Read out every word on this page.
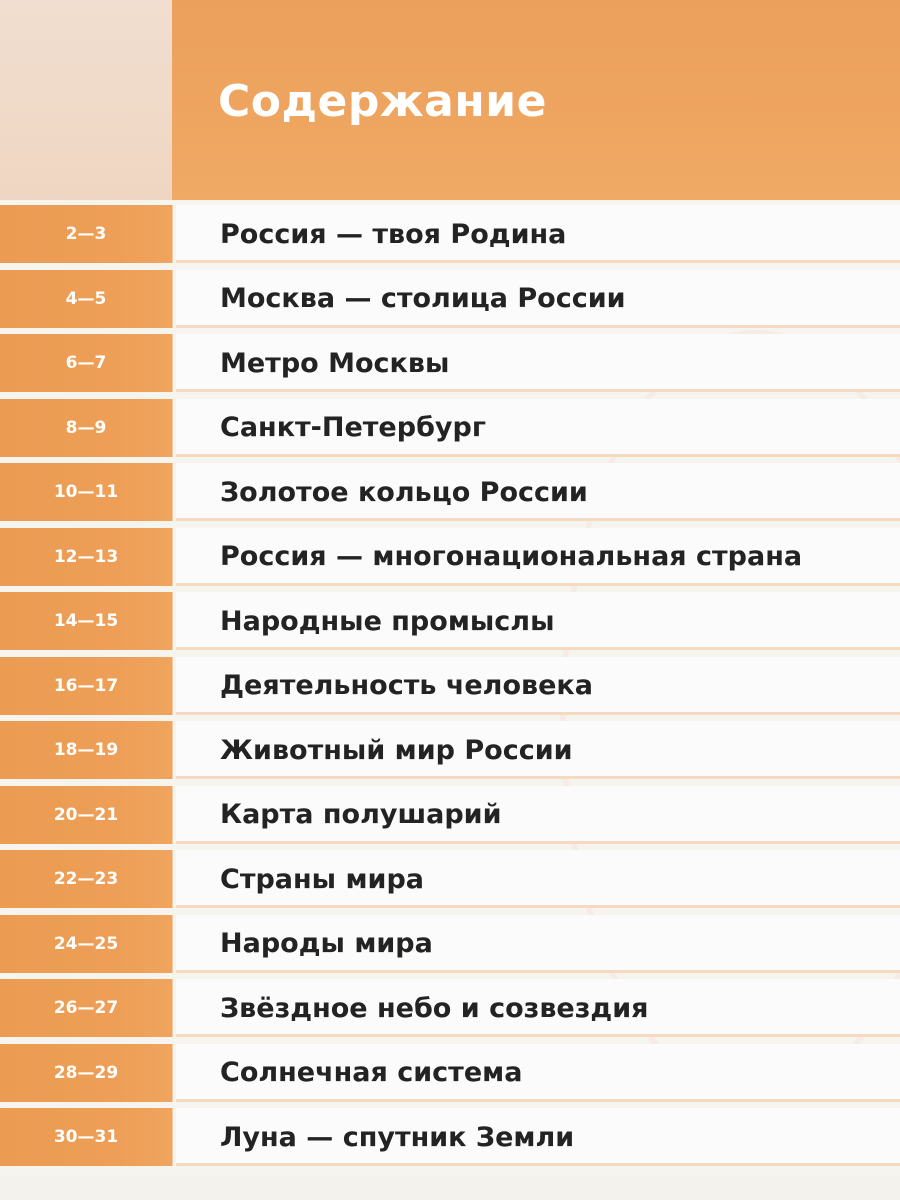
Содержание
2—3	Россия — твоя Родина
4—5	Москва — столица России
6—7	Метро Москвы
8—9	Санкт-Петербург
10—11	Золотое кольцо России
12—13	Россия — многонациональная страна
14—15	Народные промыслы
16—17	Деятельность человека
18—19	Животный мир России
20—21	Карта полушарий
22—23	Страны мира
24—25	Народы мира
26—27	Звёздное небо и созвездия
28—29	Солнечная система
30—31	Луна — спутник Земли
